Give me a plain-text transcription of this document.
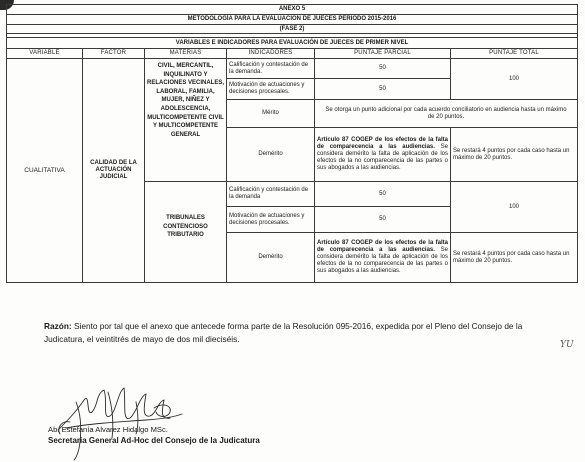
ANEXO 5					
METODOLOGÍA PARA LA EVALUACIÓN DE JUECES PERIODO 2015-2016					
(FASE 2)					

VARIABLES E INDICADORES PARA EVALUACIÓN DE JUECES DE PRIMER NIVEL					
VARIABLE	FACTOR	MATERIAS	INDICADORES	PUNTAJE PARCIAL	PUNTAJE TOTAL
CUALITATIVA	CALIDAD DE LA ACTUACIÓN JUDICIAL	CIVIL, MERCANTIL, INQUILINATO Y RELACIONES VECINALES, LABORAL, FAMILIA, MUJER, NIÑEZ Y ADOLESCENCIA, MULTICOMPETENTE CIVIL Y MULTICOMPETENTE GENERAL	Calificación y contestación de la demanda.	50	100
			Motivación de actuaciones y decisiones procesales.	50	
			Mérito	Se otorga un punto adicional por cada acuerdo conciliatorio en audiencia hasta un máximo de 20 puntos.	
			Demérito	Artículo 87 COGEP de los efectos de la falta de comparecencia a las audiencias. Se considera demérito la falta de aplicación de los efectos de la no comparecencia de las partes o sus abogados a las audiencias.	Se restará 4 puntos por cada caso hasta un máximo de 20 puntos.
		TRIBUNALES CONTENCIOSO TRIBUTARIO	Calificación y contestación de la demanda	50	100
			Motivación de actuaciones y decisiones procesales.	50	
			Demérito	Artículo 87 COGEP de los efectos de la falta de comparecencia a las audiencias. Se considera demérito la falta de aplicación de los efectos de la no comparecencia de las partes o sus abogados a las audiencias.	Se restará 4 puntos por cada caso hasta un máximo de 20 puntos.
Razón: Siento por tal que el anexo que antecede forma parte de la Resolución 095-2016, expedida por el Pleno del Consejo de la Judicatura, el veintitrés de mayo de dos mil dieciséis.
YU
Ab. Estefanía Alvarez Hidalgo MSc.
Secretaria General Ad-Hoc del Consejo de la Judicatura
